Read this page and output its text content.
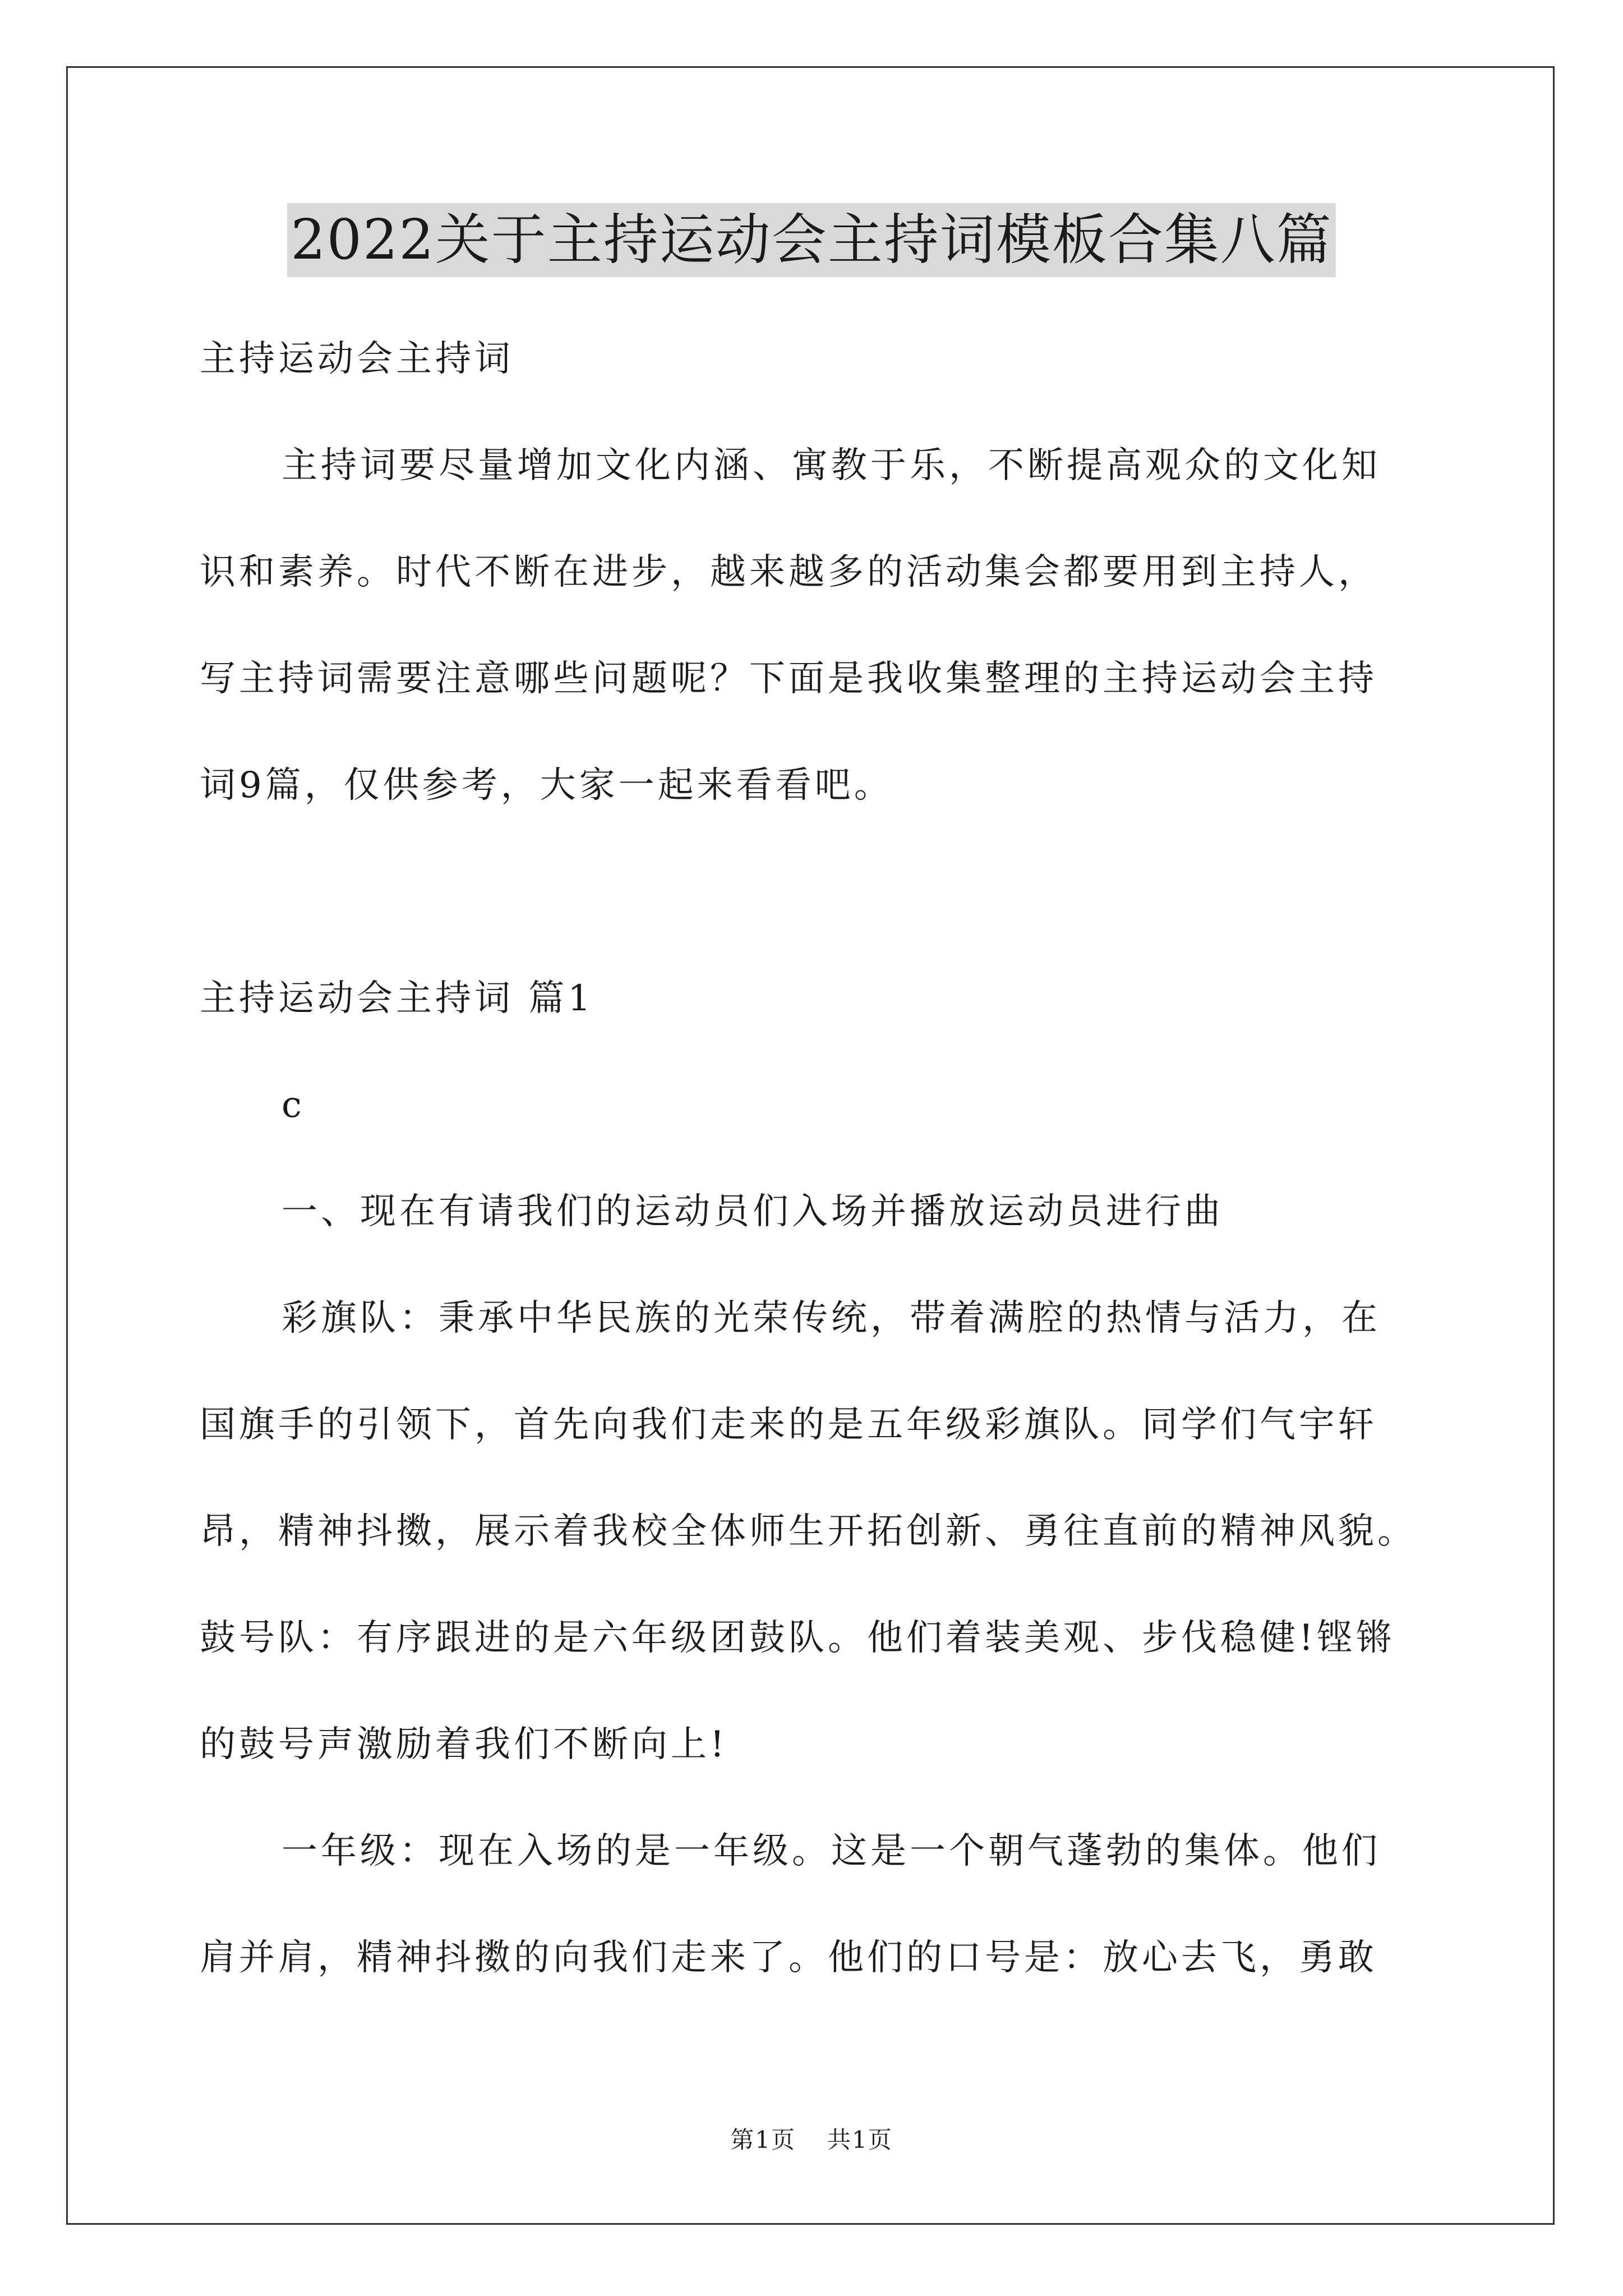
2022关于主持运动会主持词模板合集八篇

主持运动会主持词

主持词要尽量增加文化内涵、寓教于乐，不断提高观众的文化知

识和素养。时代不断在进步，越来越多的活动集会都要用到主持人，

写主持词需要注意哪些问题呢？下面是我收集整理的主持运动会主持

词9篇，仅供参考，大家一起来看看吧。

主持运动会主持词 篇1

c

一、现在有请我们的运动员们入场并播放运动员进行曲

彩旗队：秉承中华民族的光荣传统，带着满腔的热情与活力，在

国旗手的引领下，首先向我们走来的是五年级彩旗队。同学们气宇轩

昂，精神抖擞，展示着我校全体师生开拓创新、勇往直前的精神风貌。

鼓号队：有序跟进的是六年级团鼓队。他们着装美观、步伐稳健!铿锵

的鼓号声激励着我们不断向上!

一年级：现在入场的是一年级。这是一个朝气蓬勃的集体。他们

肩并肩，精神抖擞的向我们走来了。他们的口号是：放心去飞，勇敢

第1页 共1页
